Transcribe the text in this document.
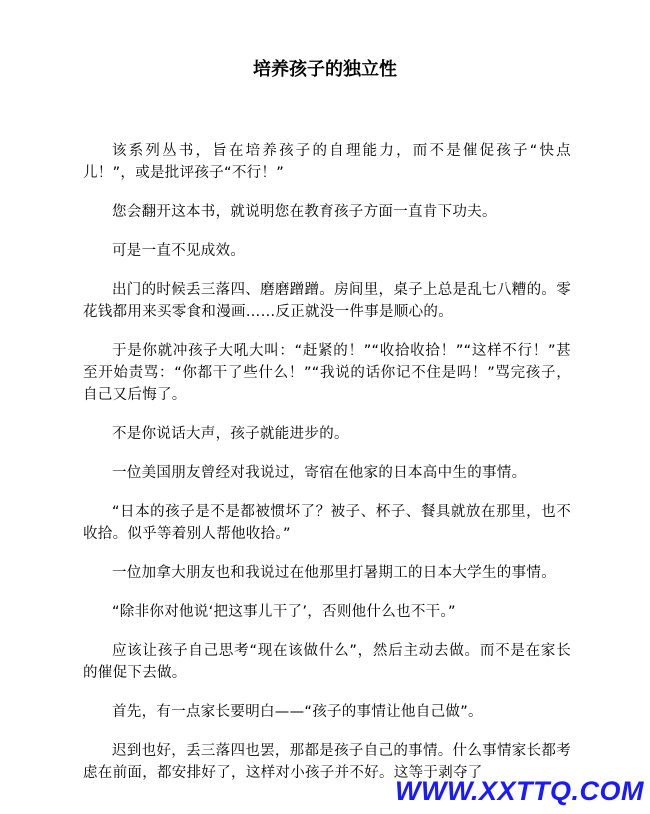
培养孩子的独立性

该系列丛书，旨在培养孩子的自理能力，而不是催促孩子“快点儿！”，或是批评孩子“不行！”

您会翻开这本书，就说明您在教育孩子方面一直肯下功夫。

可是一直不见成效。

出门的时候丢三落四、磨磨蹭蹭。房间里，桌子上总是乱七八糟的。零花钱都用来买零食和漫画……反正就没一件事是顺心的。

于是你就冲孩子大吼大叫：“赶紧的！”“收拾收拾！”“这样不行！”甚至开始责骂：“你都干了些什么！”“我说的话你记不住是吗！”骂完孩子，自己又后悔了。

不是你说话大声，孩子就能进步的。

一位美国朋友曾经对我说过，寄宿在他家的日本高中生的事情。

“日本的孩子是不是都被惯坏了？被子、杯子、餐具就放在那里，也不收拾。似乎等着别人帮他收拾。”

一位加拿大朋友也和我说过在他那里打暑期工的日本大学生的事情。

“除非你对他说‘把这事儿干了’，否则他什么也不干。”

应该让孩子自己思考“现在该做什么”，然后主动去做。而不是在家长的催促下去做。

首先，有一点家长要明白——“孩子的事情让他自己做”。

迟到也好，丢三落四也罢，那都是孩子自己的事情。什么事情家长都考虑在前面，都安排好了，这样对小孩子并不好。这等于剥夺了

WWW.XXTTQ.COM
